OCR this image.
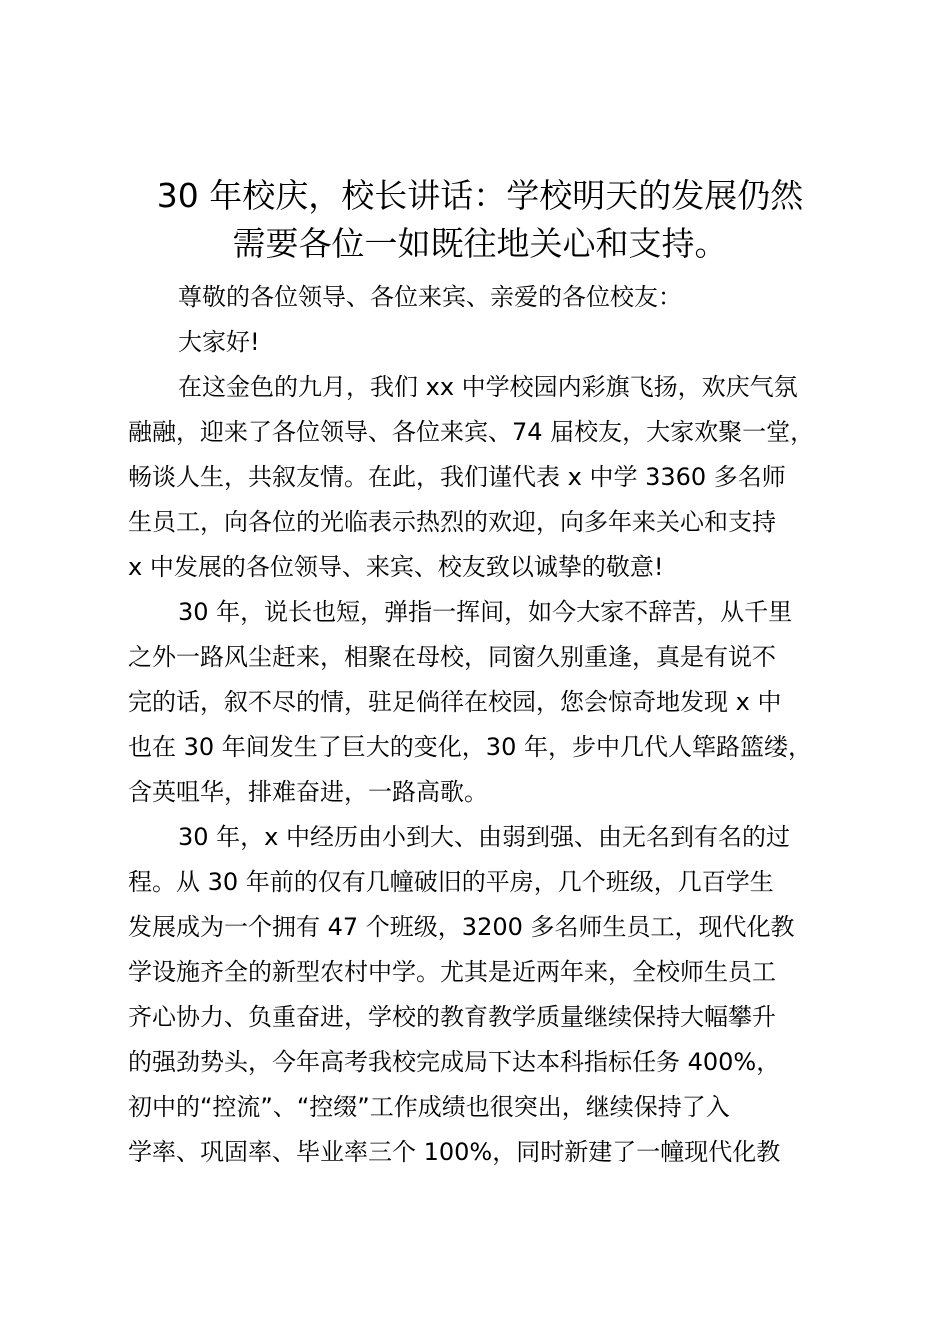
30 年校庆，校长讲话：学校明天的发展仍然
需要各位一如既往地关心和支持。
尊敬的各位领导、各位来宾、亲爱的各位校友：
大家好!
在这金色的九月，我们 xx 中学校园内彩旗飞扬，欢庆气氛
融融，迎来了各位领导、各位来宾、74 届校友，大家欢聚一堂，
畅谈人生，共叙友情。在此，我们谨代表 x 中学 3360 多名师
生员工，向各位的光临表示热烈的欢迎，向多年来关心和支持
x 中发展的各位领导、来宾、校友致以诚挚的敬意!
30 年，说长也短，弹指一挥间，如今大家不辞苦，从千里
之外一路风尘赶来，相聚在母校，同窗久别重逢，真是有说不
完的话，叙不尽的情，驻足倘徉在校园，您会惊奇地发现 x 中
也在 30 年间发生了巨大的变化，30 年，步中几代人筚路篮缕，
含英咀华，排难奋进，一路高歌。
30 年，x 中经历由小到大、由弱到强、由无名到有名的过
程。从 30 年前的仅有几幢破旧的平房，几个班级，几百学生
发展成为一个拥有 47 个班级，3200 多名师生员工，现代化教
学设施齐全的新型农村中学。尤其是近两年来，全校师生员工
齐心协力、负重奋进，学校的教育教学质量继续保持大幅攀升
的强劲势头，今年高考我校完成局下达本科指标任务 400%，
初中的“控流”、“控缀”工作成绩也很突出，继续保持了入
学率、巩固率、毕业率三个 100%，同时新建了一幢现代化教
